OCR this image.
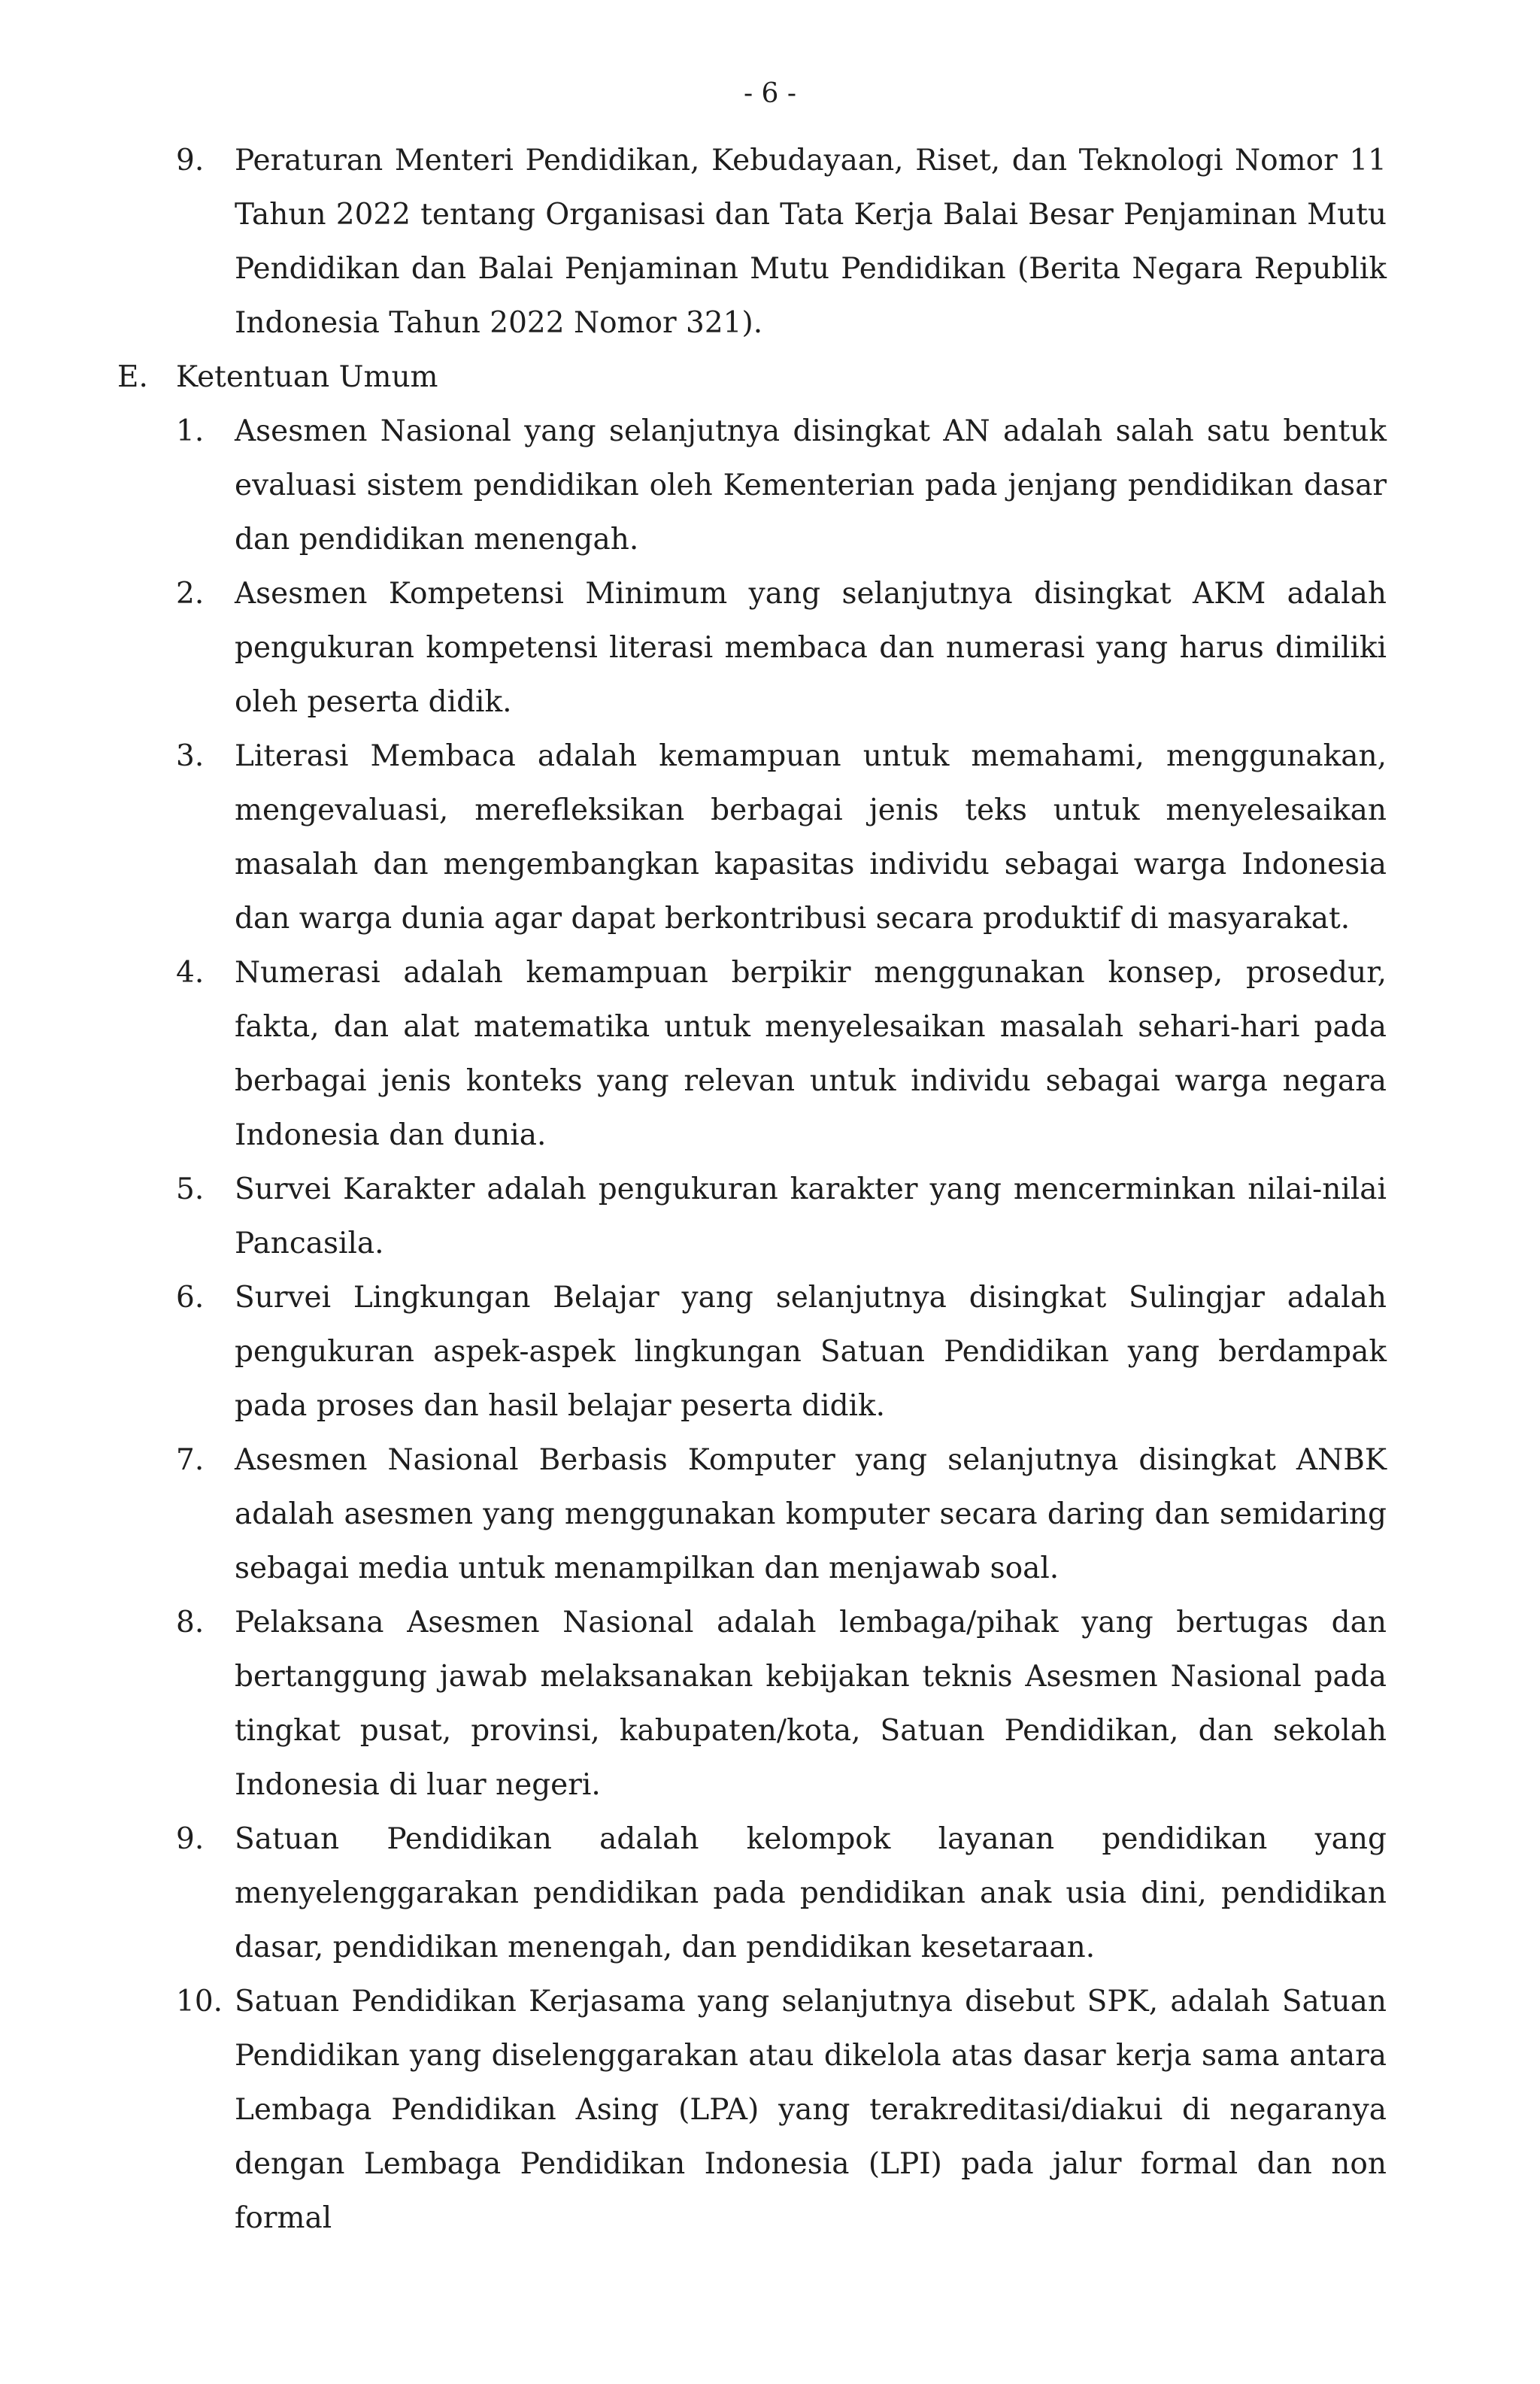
- 6 -

9. Peraturan Menteri Pendidikan, Kebudayaan, Riset, dan Teknologi Nomor 11 Tahun 2022 tentang Organisasi dan Tata Kerja Balai Besar Penjaminan Mutu Pendidikan dan Balai Penjaminan Mutu Pendidikan (Berita Negara Republik Indonesia Tahun 2022 Nomor 321).

E. Ketentuan Umum
1. Asesmen Nasional yang selanjutnya disingkat AN adalah salah satu bentuk evaluasi sistem pendidikan oleh Kementerian pada jenjang pendidikan dasar dan pendidikan menengah.
2. Asesmen Kompetensi Minimum yang selanjutnya disingkat AKM adalah pengukuran kompetensi literasi membaca dan numerasi yang harus dimiliki oleh peserta didik.
3. Literasi Membaca adalah kemampuan untuk memahami, menggunakan, mengevaluasi, merefleksikan berbagai jenis teks untuk menyelesaikan masalah dan mengembangkan kapasitas individu sebagai warga Indonesia dan warga dunia agar dapat berkontribusi secara produktif di masyarakat.
4. Numerasi adalah kemampuan berpikir menggunakan konsep, prosedur, fakta, dan alat matematika untuk menyelesaikan masalah sehari-hari pada berbagai jenis konteks yang relevan untuk individu sebagai warga negara Indonesia dan dunia.
5. Survei Karakter adalah pengukuran karakter yang mencerminkan nilai-nilai Pancasila.
6. Survei Lingkungan Belajar yang selanjutnya disingkat Sulingjar adalah pengukuran aspek-aspek lingkungan Satuan Pendidikan yang berdampak pada proses dan hasil belajar peserta didik.
7. Asesmen Nasional Berbasis Komputer yang selanjutnya disingkat ANBK adalah asesmen yang menggunakan komputer secara daring dan semidaring sebagai media untuk menampilkan dan menjawab soal.
8. Pelaksana Asesmen Nasional adalah lembaga/pihak yang bertugas dan bertanggung jawab melaksanakan kebijakan teknis Asesmen Nasional pada tingkat pusat, provinsi, kabupaten/kota, Satuan Pendidikan, dan sekolah Indonesia di luar negeri.
9. Satuan Pendidikan adalah kelompok layanan pendidikan yang menyelenggarakan pendidikan pada pendidikan anak usia dini, pendidikan dasar, pendidikan menengah, dan pendidikan kesetaraan.
10. Satuan Pendidikan Kerjasama yang selanjutnya disebut SPK, adalah Satuan Pendidikan yang diselenggarakan atau dikelola atas dasar kerja sama antara Lembaga Pendidikan Asing (LPA) yang terakreditasi/diakui di negaranya dengan Lembaga Pendidikan Indonesia (LPI) pada jalur formal dan non formal
